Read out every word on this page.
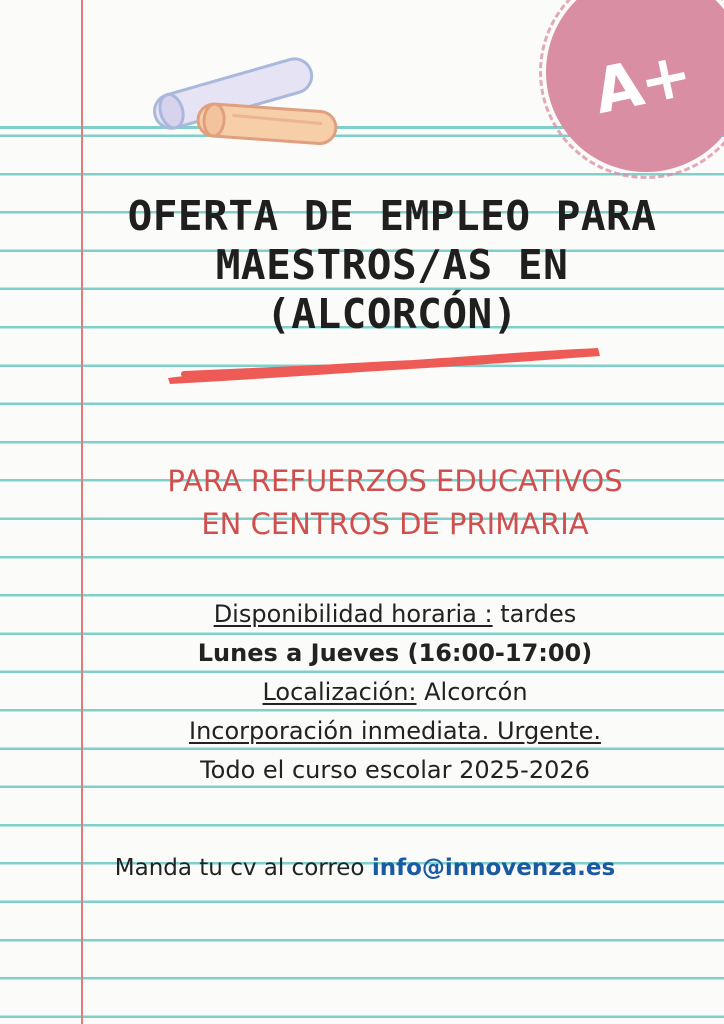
A+
OFERTA DE EMPLEO PARA
MAESTROS/AS EN
(ALCORCÓN)

PARA REFUERZOS EDUCATIVOS
EN CENTROS DE PRIMARIA

Disponibilidad horaria : tardes
Lunes a Jueves (16:00-17:00)
Localización: Alcorcón
Incorporación inmediata. Urgente.
Todo el curso escolar 2025-2026

Manda tu cv al correo info@innovenza.es
